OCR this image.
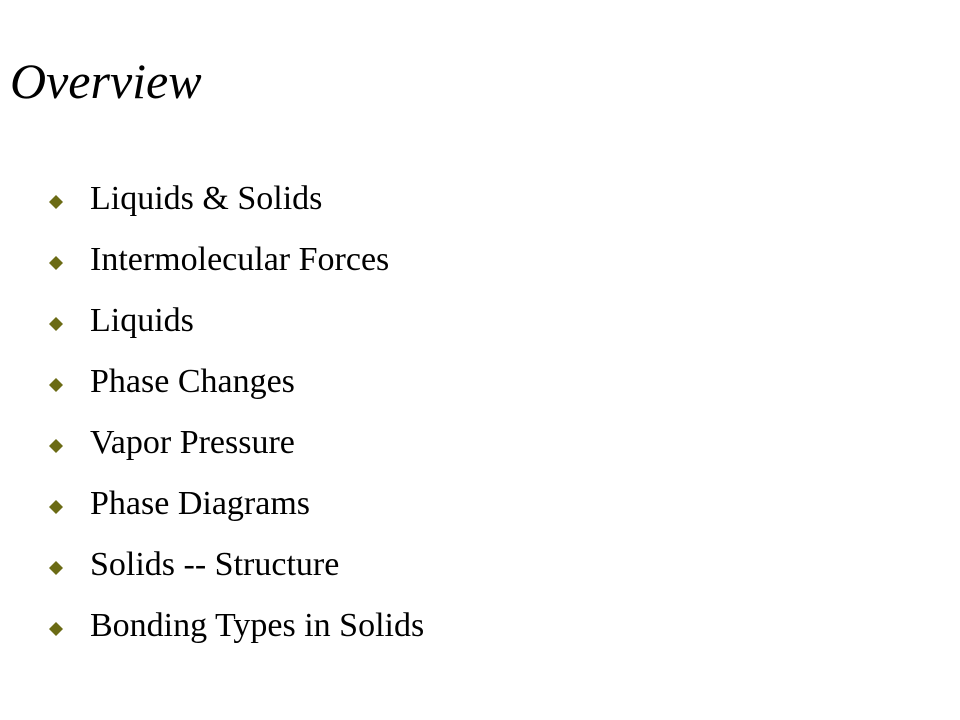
Overview
Liquids & Solids
Intermolecular Forces
Liquids
Phase Changes
Vapor Pressure
Phase Diagrams
Solids -- Structure
Bonding Types in Solids
